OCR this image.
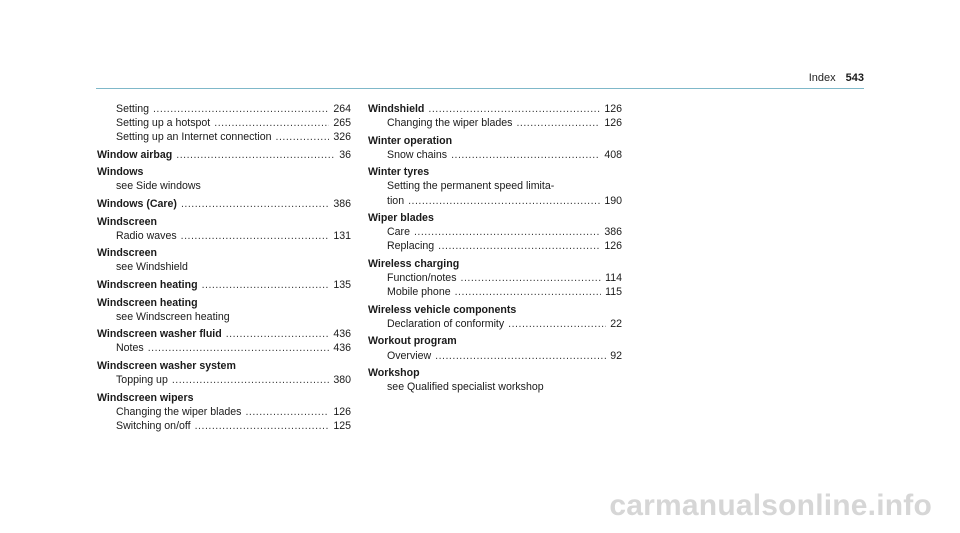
Index 543
Setting .....	264
Setting up a hotspot .....	265
Setting up an Internet connection .....	326
Window airbag .....	36
Windows
see Side windows
Windows (Care) .....	386
Windscreen
Radio waves .....	131
Windscreen
see Windshield
Windscreen heating .....	135
Windscreen heating
see Windscreen heating
Windscreen washer fluid .....	436
Notes .....	436
Windscreen washer system
Topping up .....	380
Windscreen wipers
Changing the wiper blades .....	126
Switching on/off .....	125
Windshield .....	126
Changing the wiper blades .....	126
Winter operation
Snow chains .....	408
Winter tyres
Setting the permanent speed limita-
tion .....	190
Wiper blades
Care .....	386
Replacing .....	126
Wireless charging
Function/notes .....	114
Mobile phone .....	115
Wireless vehicle components
Declaration of conformity .....	22
Workout program
Overview .....	92
Workshop
see Qualified specialist workshop
carmanualsonline.info
